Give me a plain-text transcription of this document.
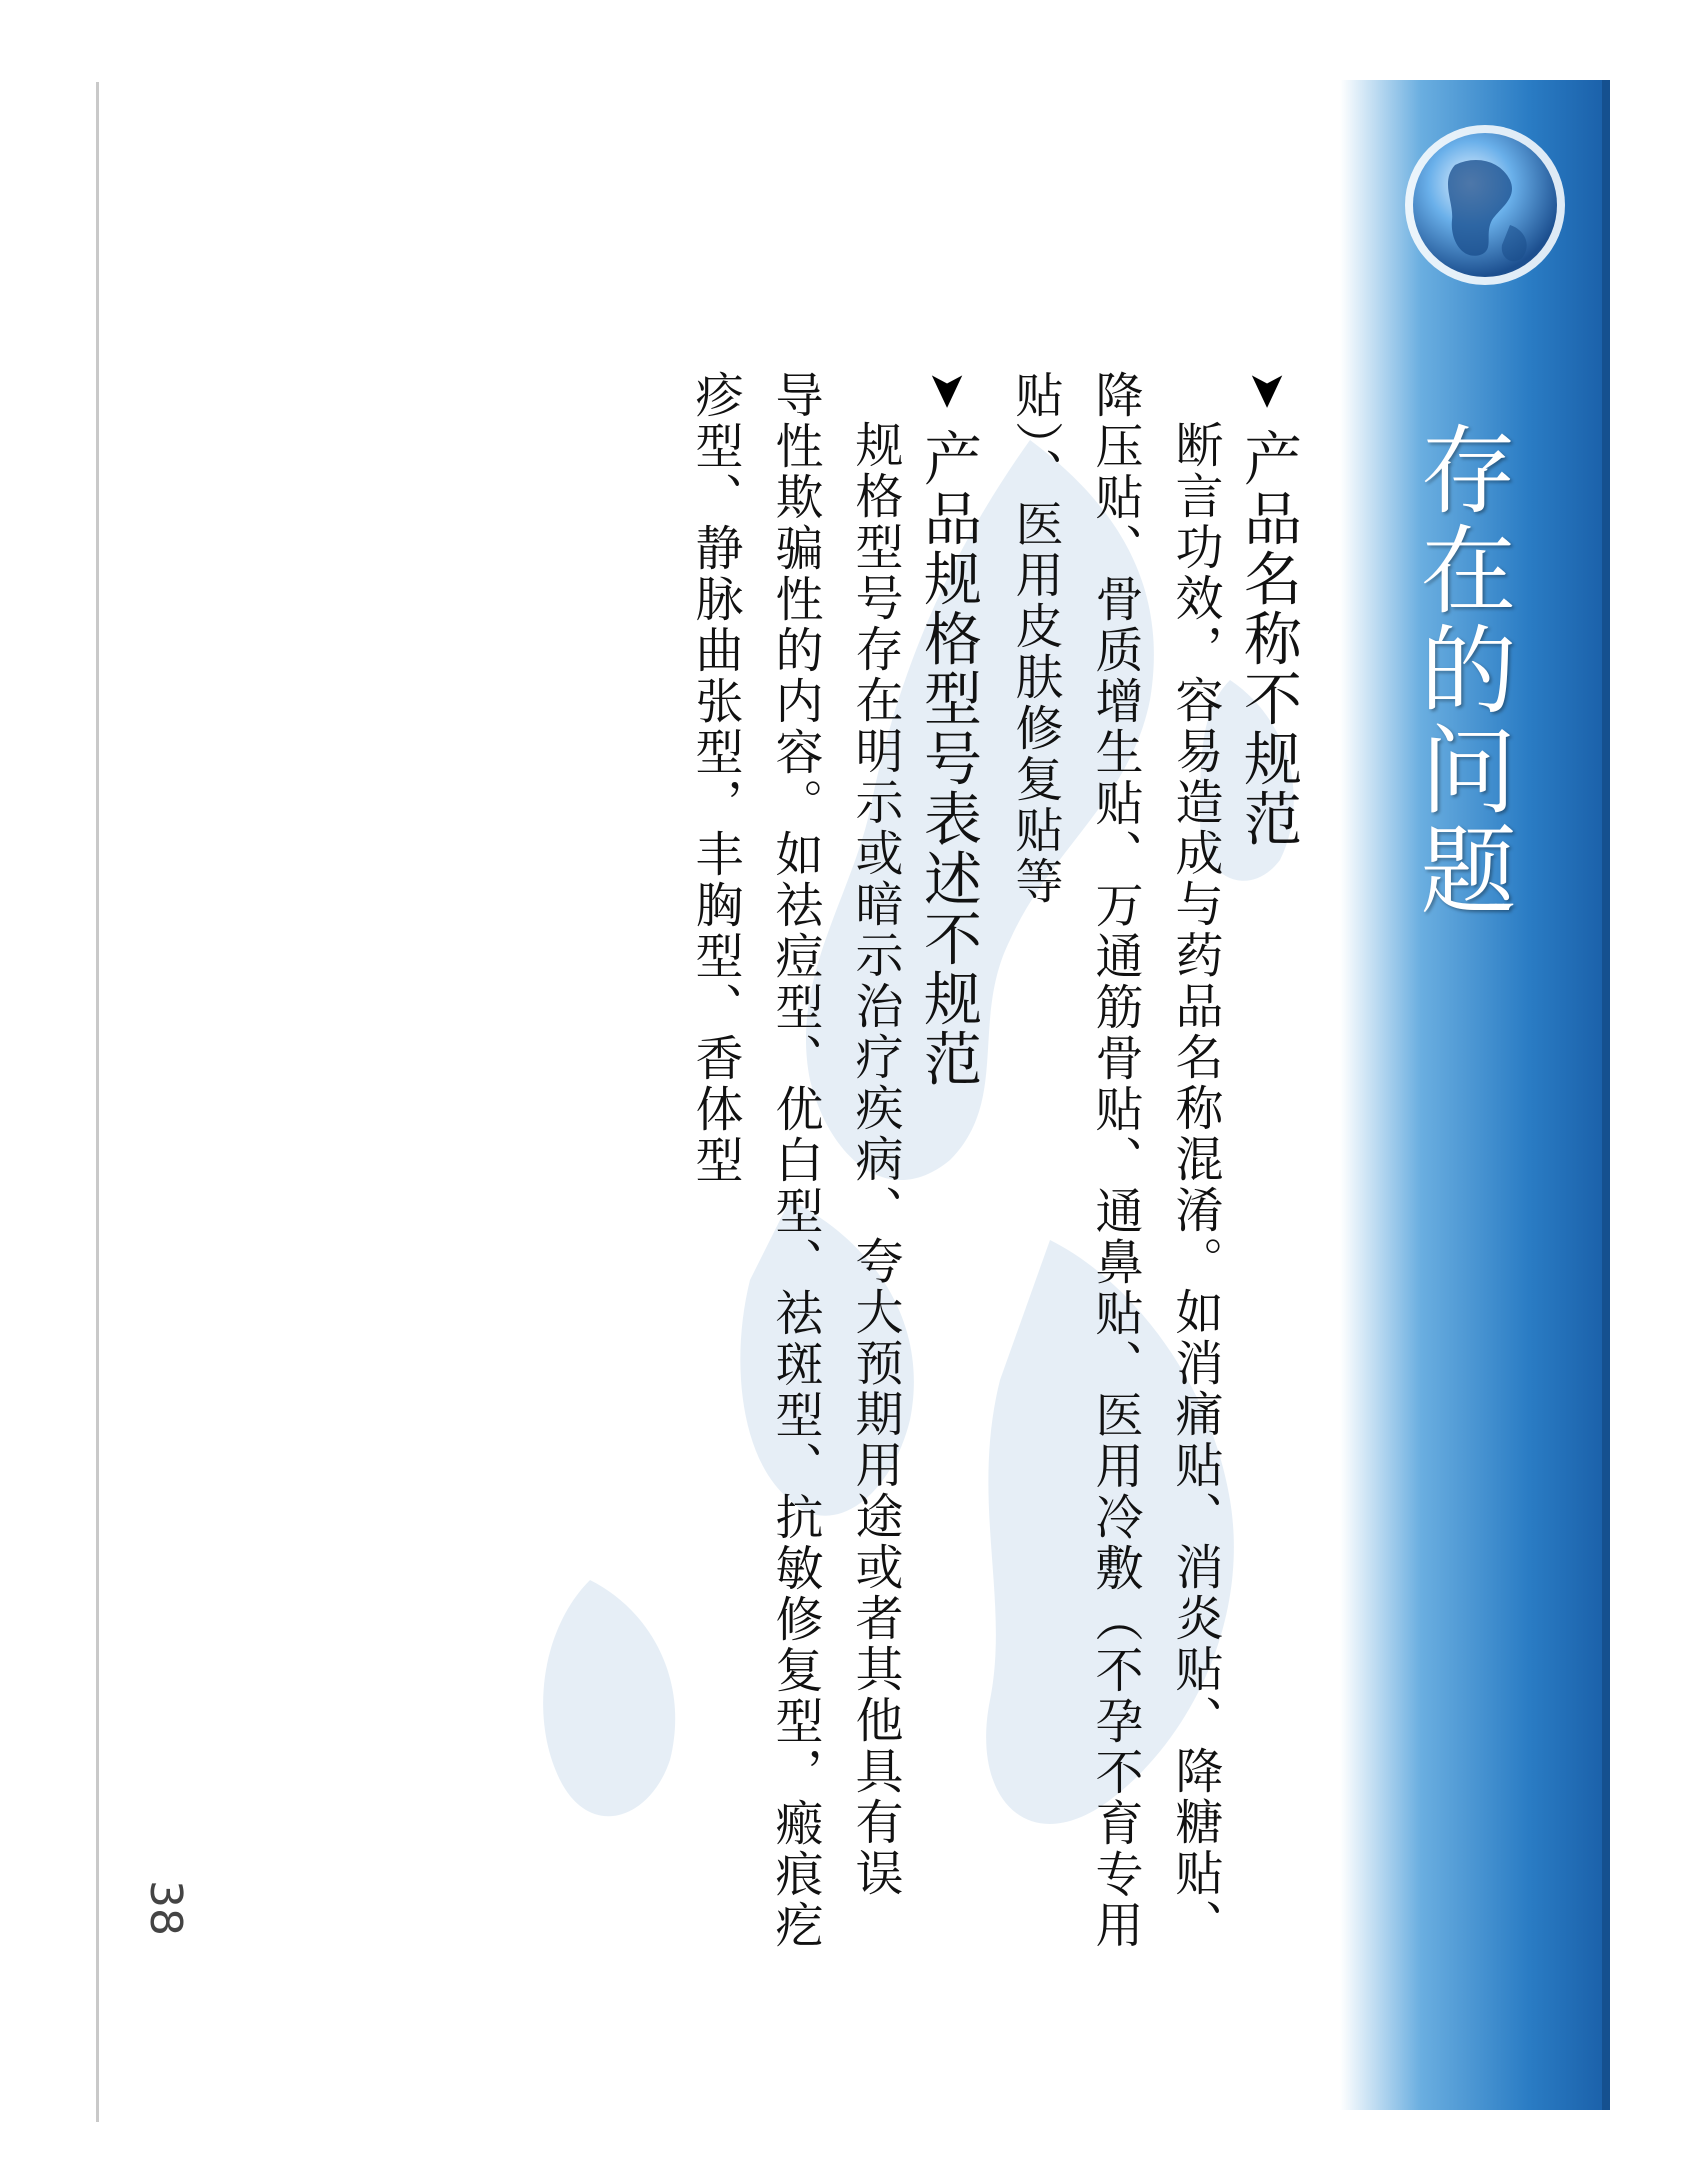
存在的问题
➤产品名称不规范
断言功效，容易造成与药品名称混淆。如消痛贴、消炎贴、降糖贴、
降压贴、骨质增生贴、万通筋骨贴、通鼻贴、医用冷敷（不孕不育专用
贴）、医用皮肤修复贴等
➤产品规格型号表述不规范
规格型号存在明示或暗示治疗疾病、夸大预期用途或者其他具有误
导性欺骗性的内容。如祛痘型、优白型、祛斑型、抗敏修复型，瘢痕疙
疹型、静脉曲张型，丰胸型、香体型
38
